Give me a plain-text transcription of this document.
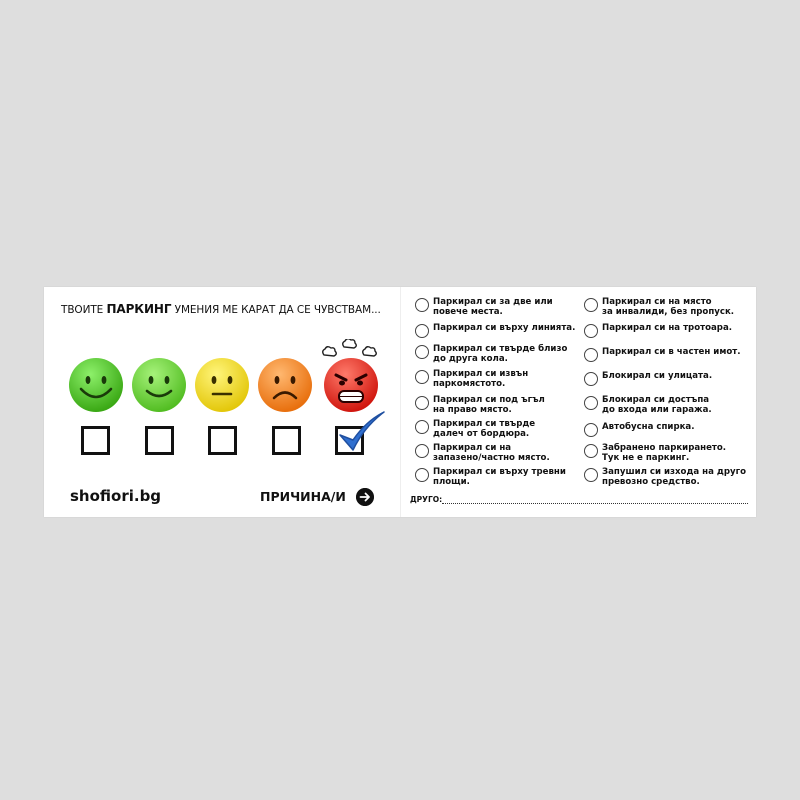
ТВОИТЕ ПАРКИНГ УМЕНИЯ МЕ КАРАТ ДА СЕ ЧУВСТВАМ...
shofiori.bg	ПРИЧИНА/И
Паркирал си за две или
повече места.
Паркирал си върху линията.
Паркирал си твърде близо
до друга кола.
Паркирал си извън
паркомястото.
Паркирал си под ъгъл
на право място.
Паркирал си твърде
далеч от бордюра.
Паркирал си на
запазено/частно място.
Паркирал си върху тревни
площи.
Паркирал си на място
за инвалиди, без пропуск.
Паркирал си на тротоара.
Паркирал си в частен имот.
Блокирал си улицата.
Блокирал си достъпа
до входа или гаража.
Автобусна спирка.
Забранено паркирането.
Тук не е паркинг.
Запушил си изхода на друго
превозно средство.
ДРУГО:
